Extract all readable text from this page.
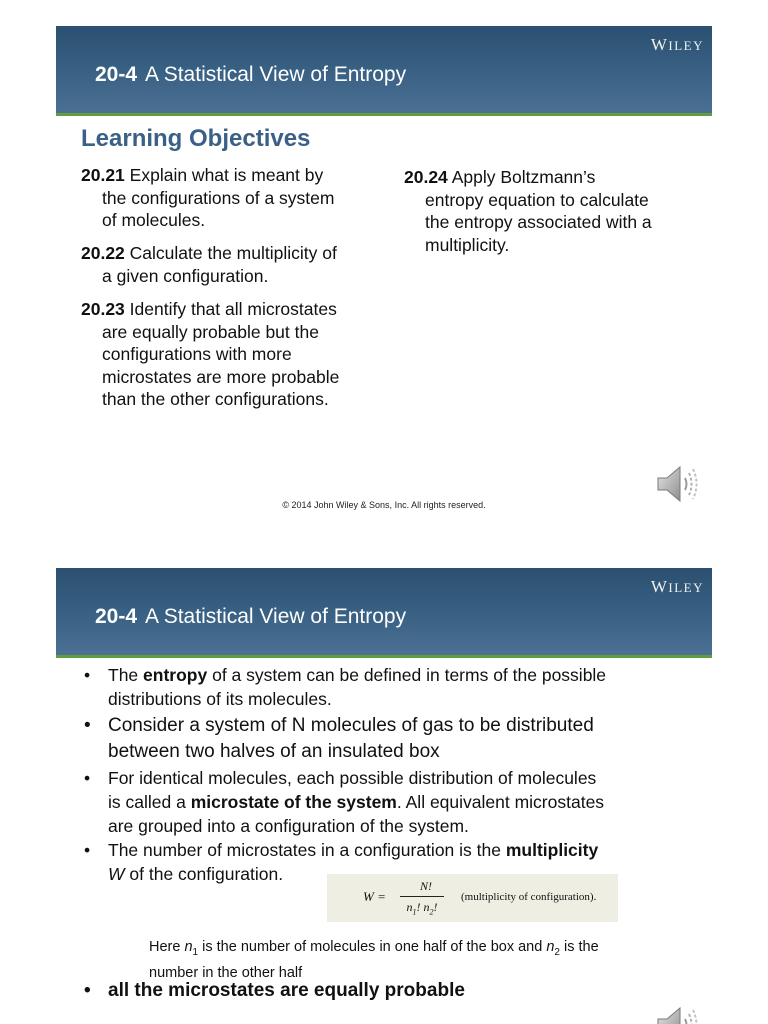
WILEY
20-4 A Statistical View of Entropy
Learning Objectives
20.21 Explain what is meant by
the configurations of a system
of molecules.
20.22 Calculate the multiplicity of
a given configuration.
20.23 Identify that all microstates
are equally probable but the
configurations with more
microstates are more probable
than the other configurations.
20.24 Apply Boltzmann’s
entropy equation to calculate
the entropy associated with a
multiplicity.
© 2014 John Wiley & Sons, Inc. All rights reserved.
WILEY
20-4 A Statistical View of Entropy
• The entropy of a system can be defined in terms of the possible
distributions of its molecules.
• Consider a system of N molecules of gas to be distributed
between two halves of an insulated box
• For identical molecules, each possible distribution of molecules
is called a microstate of the system. All equivalent microstates
are grouped into a configuration of the system.
• The number of microstates in a configuration is the multiplicity
W of the configuration.
W =
N!
$n_1$! $n_2$!
(multiplicity of configuration).
Here $n_1$ is the number of molecules in one half of the box and $n_2$ is the
number in the other half
• all the microstates are equally probable
